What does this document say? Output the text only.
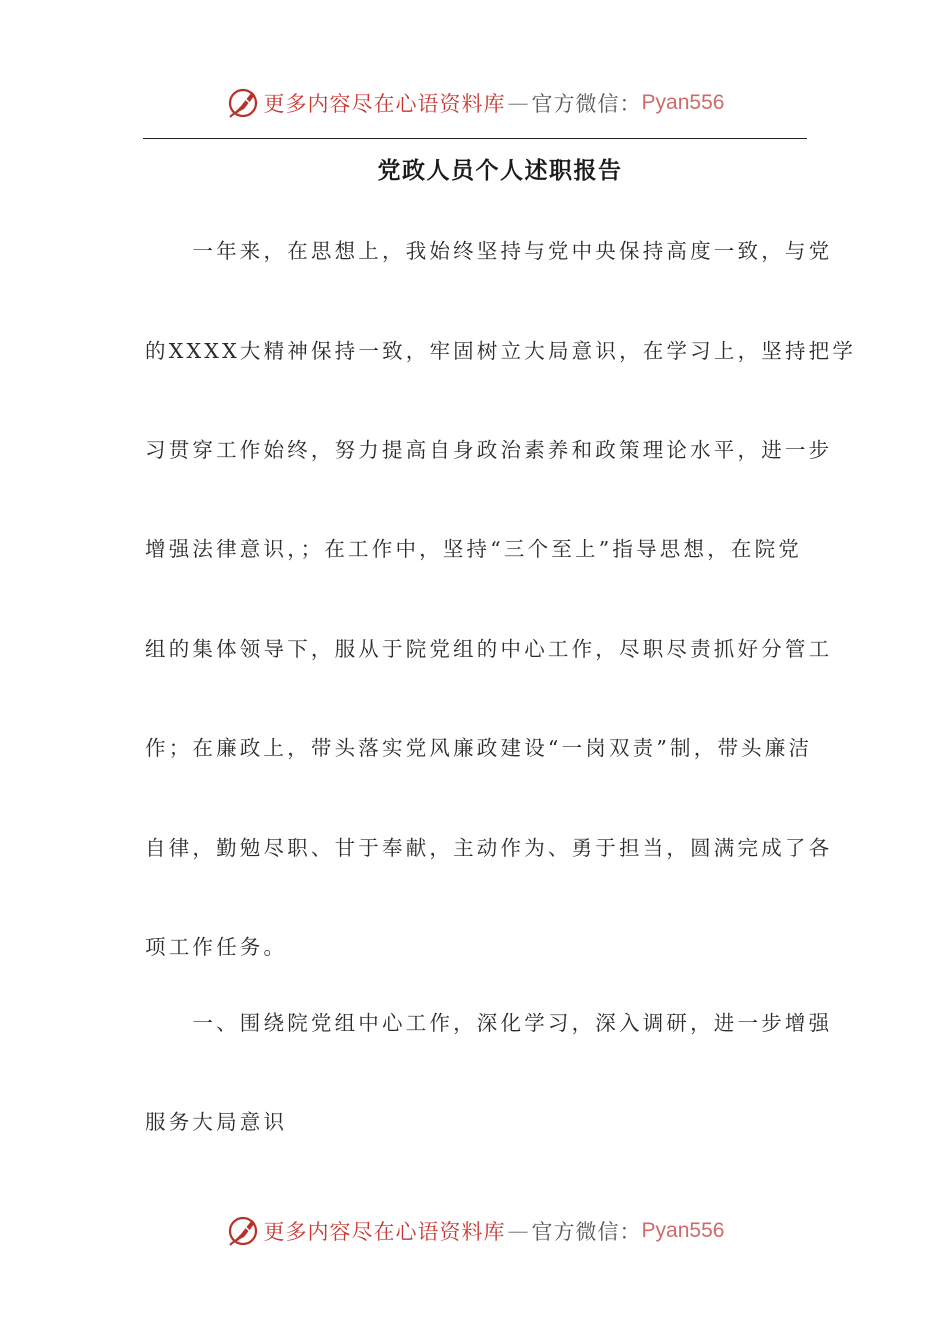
更多内容尽在心语资料库 — 官方微信： Pyan556
党政人员个人述职报告

　　一年来，在思想上，我始终坚持与党中央保持高度一致，与党

的XXXX大精神保持一致，牢固树立大局意识，在学习上，坚持把学

习贯穿工作始终，努力提高自身政治素养和政策理论水平，进一步

增强法律意识，；在工作中，坚持“三个至上”指导思想，在院党

组的集体领导下，服从于院党组的中心工作，尽职尽责抓好分管工

作；在廉政上，带头落实党风廉政建设“一岗双责”制，带头廉洁

自律，勤勉尽职、甘于奉献，主动作为、勇于担当，圆满完成了各

项工作任务。

　　一、围绕院党组中心工作，深化学习，深入调研，进一步增强

服务大局意识

更多内容尽在心语资料库 — 官方微信： Pyan556
